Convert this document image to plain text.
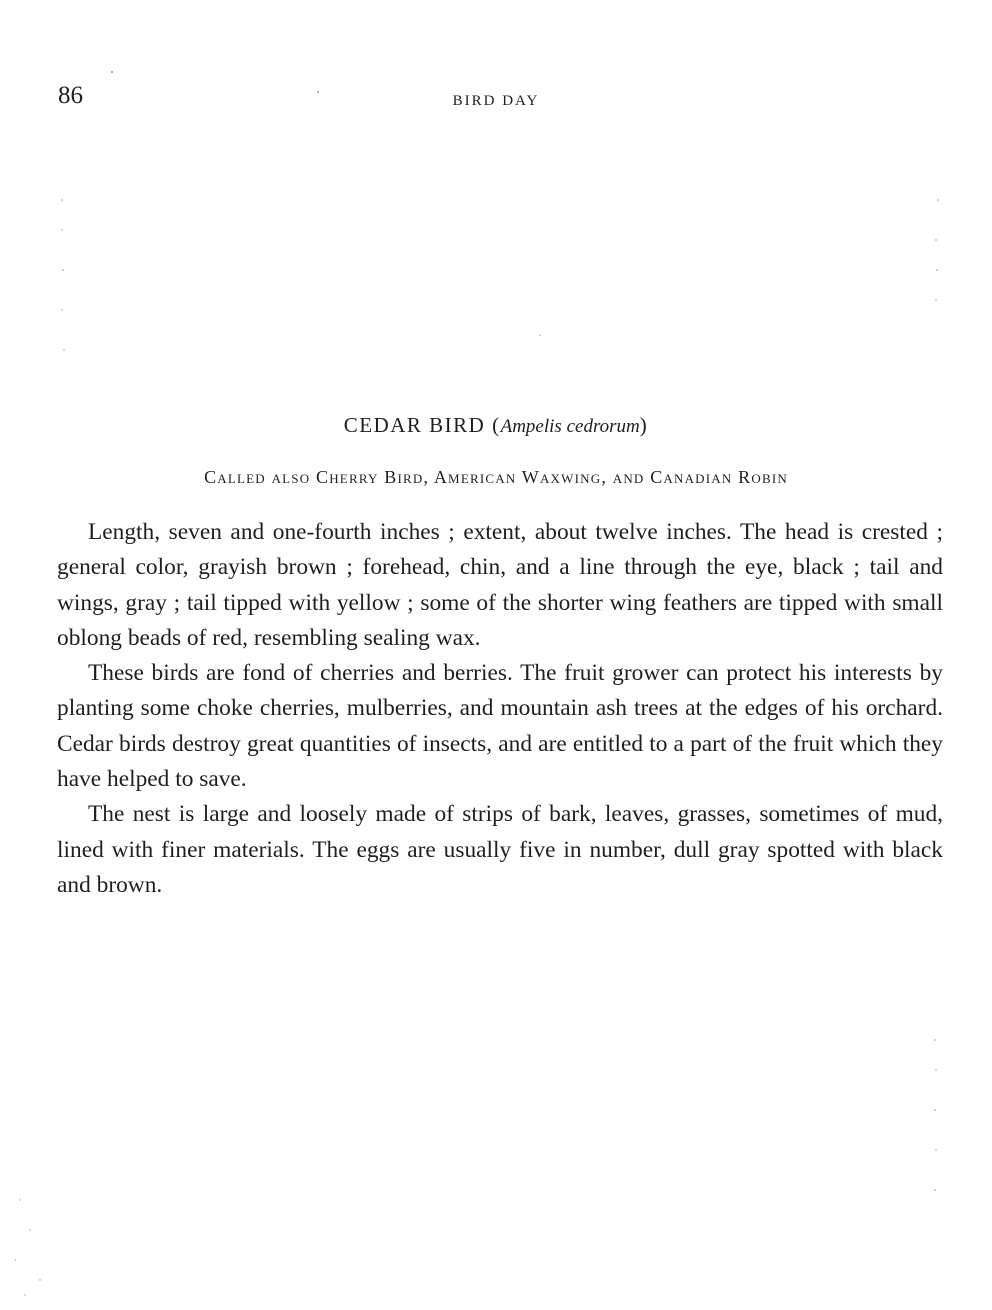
86	BIRD DAY
CEDAR BIRD (Ampelis cedrorum)
Called also Cherry Bird, American Waxwing, and Canadian Robin

Length, seven and one-fourth inches ; extent, about twelve inches. The head is crested ; general color, grayish brown ; forehead, chin, and a line through the eye, black ; tail and wings, gray ; tail tipped with yellow ; some of the shorter wing feathers are tipped with small oblong beads of red, resembling sealing wax.

These birds are fond of cherries and berries. The fruit grower can protect his interests by planting some choke cherries, mulberries, and mountain ash trees at the edges of his orchard. Cedar birds destroy great quantities of insects, and are entitled to a part of the fruit which they have helped to save.

The nest is large and loosely made of strips of bark, leaves, grasses, sometimes of mud, lined with finer materials. The eggs are usually five in number, dull gray spotted with black and brown.
